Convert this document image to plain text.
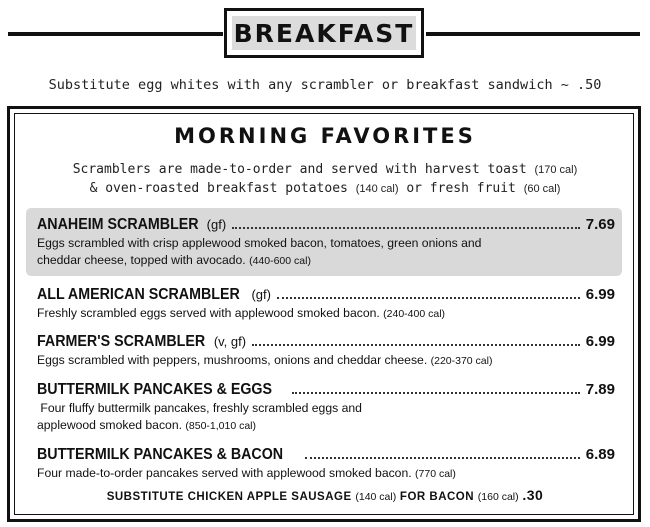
BREAKFAST
Substitute egg whites with any scrambler or breakfast sandwich ~ .50
MORNING FAVORITES
Scramblers are made-to-order and served with harvest toast (170 cal)
& oven-roasted breakfast potatoes (140 cal) or fresh fruit (60 cal)
ANAHEIM SCRAMBLER (gf)	7.69
Eggs scrambled with crisp applewood smoked bacon, tomatoes, green onions and
cheddar cheese, topped with avocado. (440-600 cal)
ALL AMERICAN SCRAMBLER (gf)	6.99
Freshly scrambled eggs served with applewood smoked bacon. (240-400 cal)
FARMER'S SCRAMBLER (v, gf)	6.99
Eggs scrambled with peppers, mushrooms, onions and cheddar cheese. (220-370 cal)
BUTTERMILK PANCAKES & EGGS	7.89
Four fluffy buttermilk pancakes, freshly scrambled eggs and
applewood smoked bacon. (850-1,010 cal)
BUTTERMILK PANCAKES & BACON	6.89
Four made-to-order pancakes served with applewood smoked bacon. (770 cal)
SUBSTITUTE CHICKEN APPLE SAUSAGE (140 cal) FOR BACON (160 cal) .30
